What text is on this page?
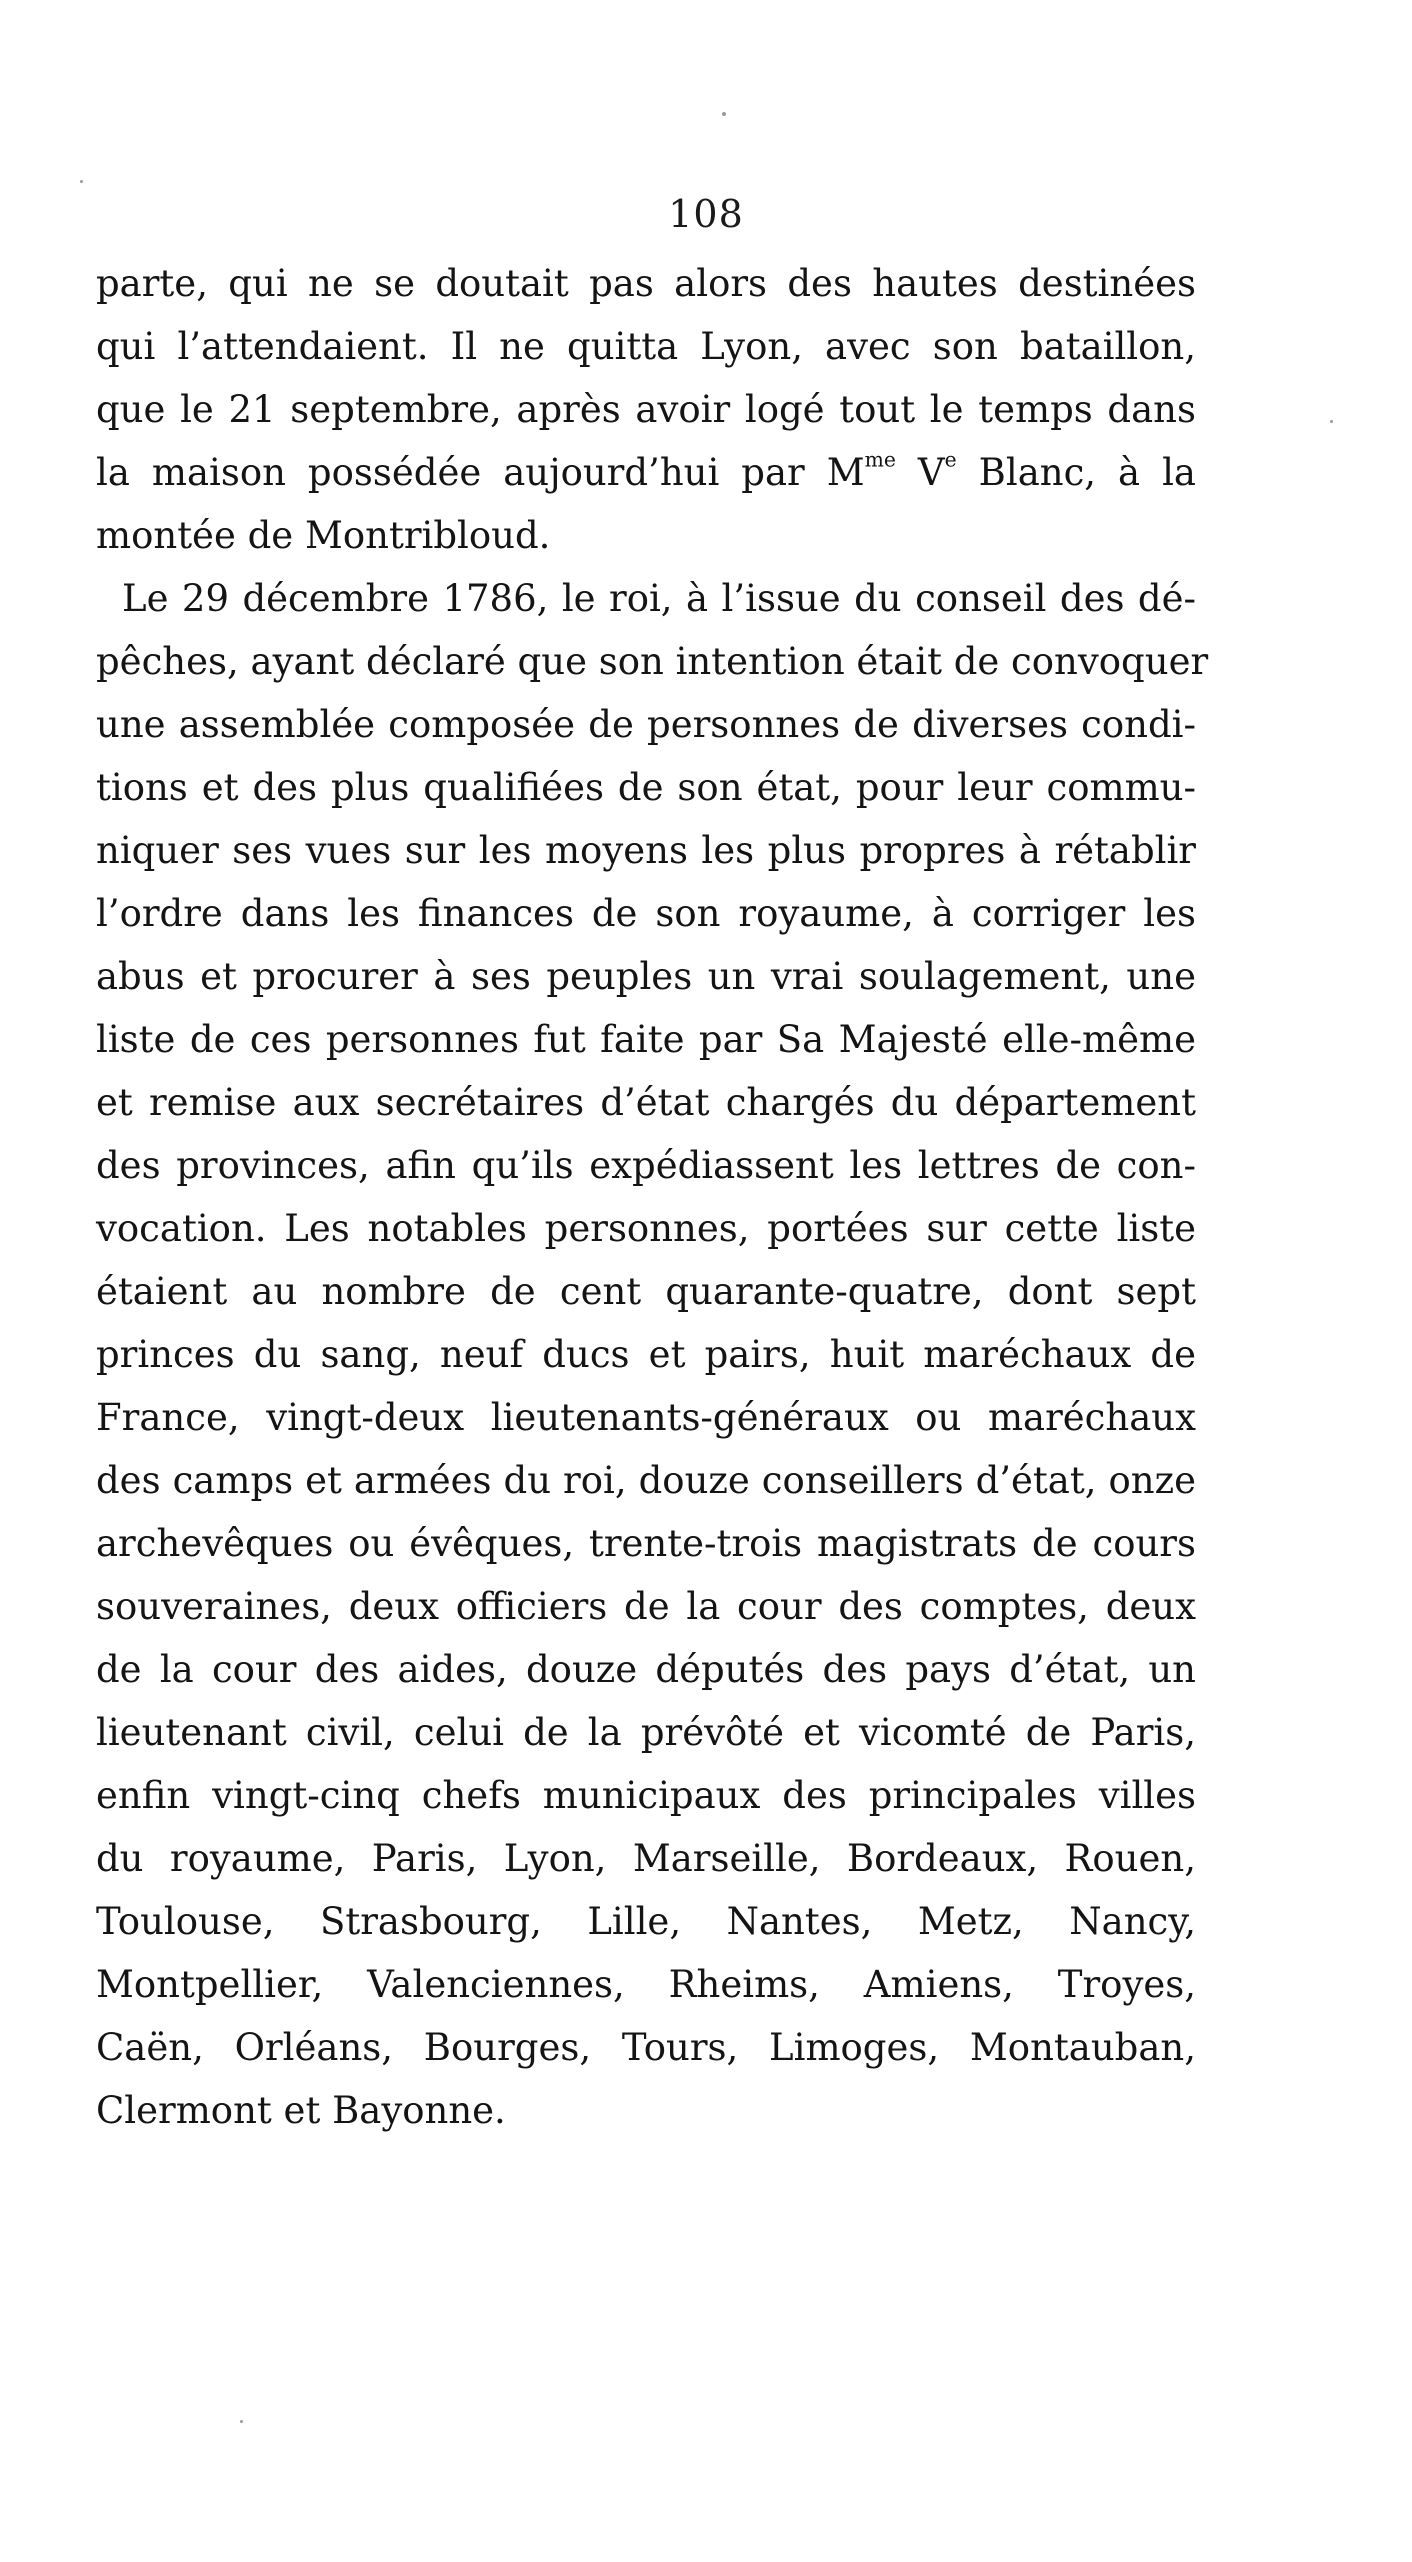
108
parte, qui ne se doutait pas alors des hautes destinées
qui l’attendaient. Il ne quitta Lyon, avec son bataillon,
que le 21 septembre, après avoir logé tout le temps dans
la maison possédée aujourd’hui par $M^{me}$ Ve Blanc, à la
montée de Montribloud.
Le 29 décembre 1786, le roi, à l’issue du conseil des dé-
pêches, ayant déclaré que son intention était de convoquer
une assemblée composée de personnes de diverses condi-
tions et des plus qualifiées de son état, pour leur commu-
niquer ses vues sur les moyens les plus propres à rétablir
l’ordre dans les finances de son royaume, à corriger les
abus et procurer à ses peuples un vrai soulagement, une
liste de ces personnes fut faite par Sa Majesté elle-même
et remise aux secrétaires d’état chargés du département
des provinces, afin qu’ils expédiassent les lettres de con-
vocation. Les notables personnes, portées sur cette liste
étaient au nombre de cent quarante-quatre, dont sept
princes du sang, neuf ducs et pairs, huit maréchaux de
France, vingt-deux lieutenants-généraux ou maréchaux
des camps et armées du roi, douze conseillers d’état, onze
archevêques ou évêques, trente-trois magistrats de cours
souveraines, deux officiers de la cour des comptes, deux
de la cour des aides, douze députés des pays d’état, un
lieutenant civil, celui de la prévôté et vicomté de Paris,
enfin vingt-cinq chefs municipaux des principales villes
du royaume, Paris, Lyon, Marseille, Bordeaux, Rouen,
Toulouse, Strasbourg, Lille, Nantes, Metz, Nancy,
Montpellier, Valenciennes, Rheims, Amiens, Troyes,
Caën, Orléans, Bourges, Tours, Limoges, Montauban,
Clermont et Bayonne.
